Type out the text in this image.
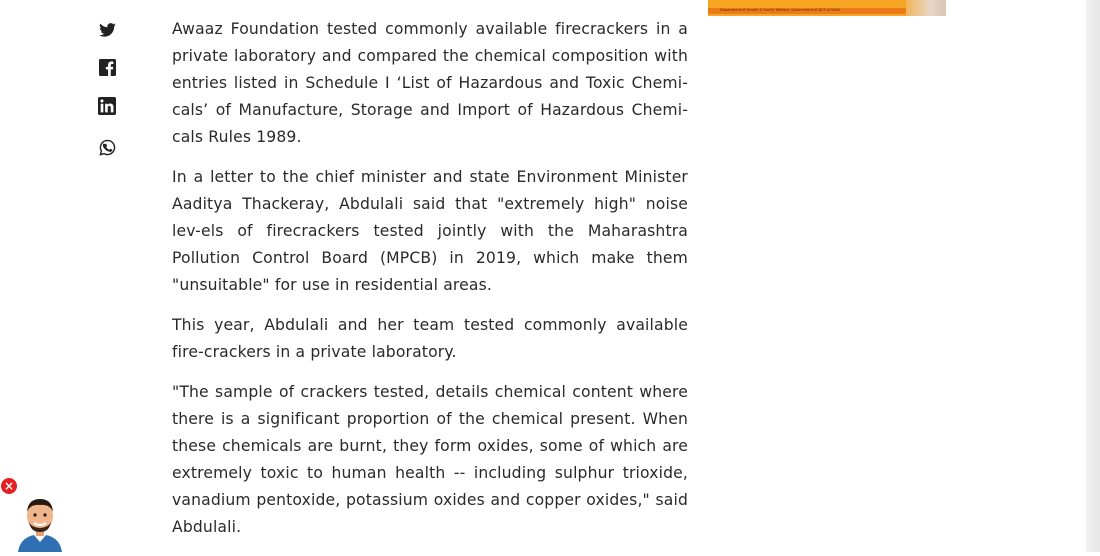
Awaaz Foundation tested commonly available firecrackers in a private laboratory and compared the chemical composition with entries listed in Schedule I ‘List of Hazardous and Toxic Chemi-cals’ of Manufacture, Storage and Import of Hazardous Chemi-cals Rules 1989.

In a letter to the chief minister and state Environment Minister Aaditya Thackeray, Abdulali said that "extremely high" noise lev-els of firecrackers tested jointly with the Maharashtra Pollution Control Board (MPCB) in 2019, which make them "unsuitable" for use in residential areas.

This year, Abdulali and her team tested commonly available fire-crackers in a private laboratory.

"The sample of crackers tested, details chemical content where there is a significant proportion of the chemical present. When these chemicals are burnt, they form oxides, some of which are extremely toxic to human health -- including sulphur trioxide, vanadium pentoxide, potassium oxides and copper oxides," said Abdulali.

Department of Health & Family Welfare, Government of NCT of Delhi
×
